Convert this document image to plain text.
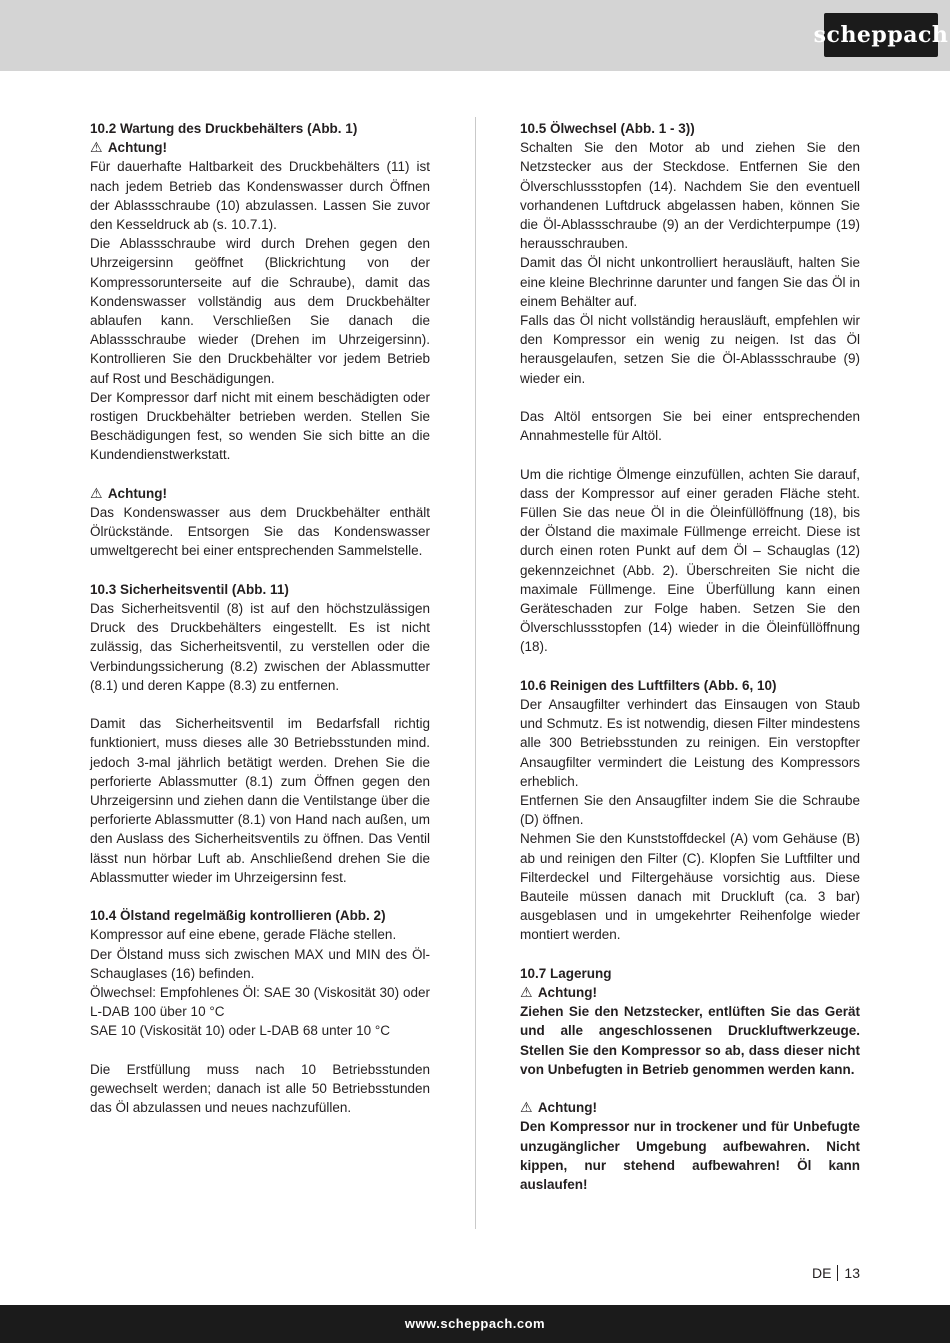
scheppach

10.2 Wartung des Druckbehälters (Abb. 1)

⚠ Achtung!

Für dauerhafte Haltbarkeit des Druckbehälters (11) ist nach jedem Betrieb das Kondenswasser durch Öffnen der Ablassschraube (10) abzulassen. Lassen Sie zuvor den Kesseldruck ab (s. 10.7.1).

Die Ablassschraube wird durch Drehen gegen den Uhrzeigersinn geöffnet (Blickrichtung von der Kompressorunterseite auf die Schraube), damit das Kondenswasser vollständig aus dem Druckbehälter ablaufen kann. Verschließen Sie danach die Ablassschraube wieder (Drehen im Uhrzeigersinn). Kontrollieren Sie den Druckbehälter vor jedem Betrieb auf Rost und Beschädigungen.

Der Kompressor darf nicht mit einem beschädigten oder rostigen Druckbehälter betrieben werden. Stellen Sie Beschädigungen fest, so wenden Sie sich bitte an die Kundendienstwerkstatt.

⚠ Achtung!

Das Kondenswasser aus dem Druckbehälter enthält Ölrückstände. Entsorgen Sie das Kondenswasser umweltgerecht bei einer entsprechenden Sammelstelle.

10.3 Sicherheitsventil (Abb. 11)

Das Sicherheitsventil (8) ist auf den höchstzulässigen Druck des Druckbehälters eingestellt. Es ist nicht zulässig, das Sicherheitsventil, zu verstellen oder die Verbindungssicherung (8.2) zwischen der Ablassmutter (8.1) und deren Kappe (8.3) zu entfernen.

Damit das Sicherheitsventil im Bedarfsfall richtig funktioniert, muss dieses alle 30 Betriebsstunden mind. jedoch 3-mal jährlich betätigt werden. Drehen Sie die perforierte Ablassmutter (8.1) zum Öffnen gegen den Uhrzeigersinn und ziehen dann die Ventilstange über die perforierte Ablassmutter (8.1) von Hand nach außen, um den Auslass des Sicherheitsventils zu öffnen. Das Ventil lässt nun hörbar Luft ab. Anschließend drehen Sie die Ablassmutter wieder im Uhrzeigersinn fest.

10.4 Ölstand regelmäßig kontrollieren (Abb. 2)

Kompressor auf eine ebene, gerade Fläche stellen.

Der Ölstand muss sich zwischen MAX und MIN des Öl-Schauglases (16) befinden.

Ölwechsel: Empfohlenes Öl: SAE 30 (Viskosität 30) oder L-DAB 100 über 10 °C

SAE 10 (Viskosität 10) oder L-DAB 68 unter 10 °C

Die Erstfüllung muss nach 10 Betriebsstunden gewechselt werden; danach ist alle 50 Betriebsstunden das Öl abzulassen und neues nachzufüllen.

10.5 Ölwechsel (Abb. 1 - 3))

Schalten Sie den Motor ab und ziehen Sie den Netzstecker aus der Steckdose. Entfernen Sie den Ölverschlussstopfen (14). Nachdem Sie den eventuell vorhandenen Luftdruck abgelassen haben, können Sie die Öl-Ablassschraube (9) an der Verdichterpumpe (19) herausschrauben.

Damit das Öl nicht unkontrolliert herausläuft, halten Sie eine kleine Blechrinne darunter und fangen Sie das Öl in einem Behälter auf.

Falls das Öl nicht vollständig herausläuft, empfehlen wir den Kompressor ein wenig zu neigen. Ist das Öl herausgelaufen, setzen Sie die Öl-Ablassschraube (9) wieder ein.

Das Altöl entsorgen Sie bei einer entsprechenden Annahmestelle für Altöl.

Um die richtige Ölmenge einzufüllen, achten Sie darauf, dass der Kompressor auf einer geraden Fläche steht. Füllen Sie das neue Öl in die Öleinfüllöffnung (18), bis der Ölstand die maximale Füllmenge erreicht. Diese ist durch einen roten Punkt auf dem Öl – Schauglas (12) gekennzeichnet (Abb. 2). Überschreiten Sie nicht die maximale Füllmenge. Eine Überfüllung kann einen Geräteschaden zur Folge haben. Setzen Sie den Ölverschlussstopfen (14) wieder in die Öleinfüllöffnung (18).

10.6 Reinigen des Luftfilters (Abb. 6, 10)

Der Ansaugfilter verhindert das Einsaugen von Staub und Schmutz. Es ist notwendig, diesen Filter mindestens alle 300 Betriebsstunden zu reinigen. Ein verstopfter Ansaugfilter vermindert die Leistung des Kompressors erheblich.

Entfernen Sie den Ansaugfilter indem Sie die Schraube (D) öffnen.

Nehmen Sie den Kunststoffdeckel (A) vom Gehäuse (B) ab und reinigen den Filter (C). Klopfen Sie Luftfilter und Filterdeckel und Filtergehäuse vorsichtig aus. Diese Bauteile müssen danach mit Druckluft (ca. 3 bar) ausgeblasen und in umgekehrter Reihenfolge wieder montiert werden.

10.7 Lagerung

⚠ Achtung!

Ziehen Sie den Netzstecker, entlüften Sie das Gerät und alle angeschlossenen Druckluftwerkzeuge. Stellen Sie den Kompressor so ab, dass dieser nicht von Unbefugten in Betrieb genommen werden kann.

⚠ Achtung!

Den Kompressor nur in trockener und für Unbefugte unzugänglicher Umgebung aufbewahren. Nicht kippen, nur stehend aufbewahren! Öl kann auslaufen!

DE 13
www.scheppach.com
